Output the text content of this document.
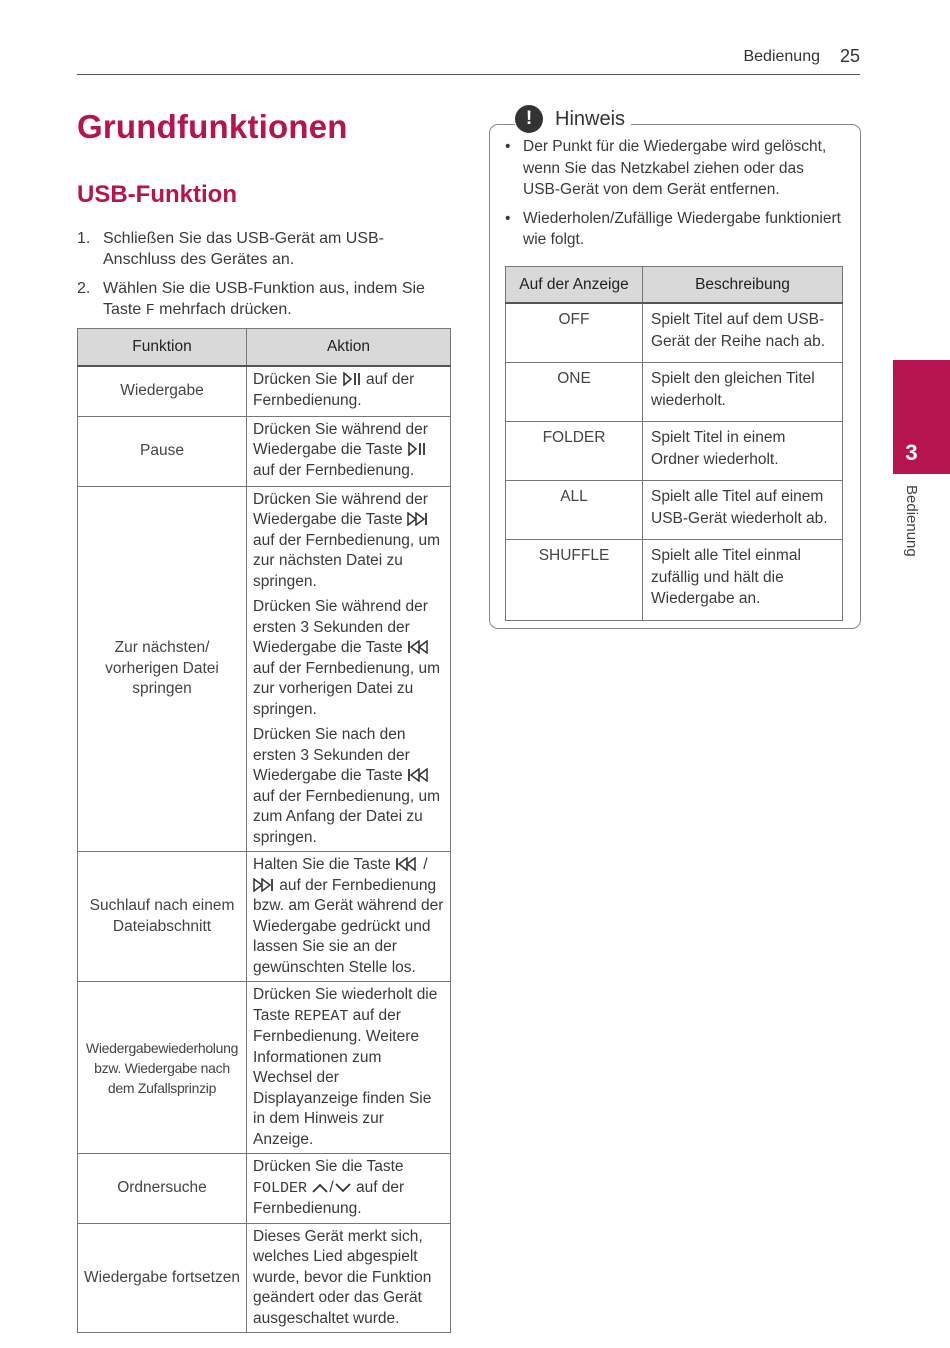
Bedienung 25
Grundfunktionen
USB-Funktion
1. Schließen Sie das USB-Gerät am USB-Anschluss des Gerätes an.
2. Wählen Sie die USB-Funktion aus, indem Sie Taste F mehrfach drücken.
Funktion	Aktion
Wiedergabe	Drücken Sie  auf der Fernbedienung.
Pause	Drücken Sie während der Wiedergabe die Taste  auf der Fernbedienung.
Zur nächsten/ vorherigen Datei springen	Drücken Sie während der Wiedergabe die Taste  auf der Fernbedienung, um zur nächsten Datei zu springen.

Drücken Sie während der ersten 3 Sekunden der Wiedergabe die Taste  auf der Fernbedienung, um zur vorherigen Datei zu springen.

Drücken Sie nach den ersten 3 Sekunden der Wiedergabe die Taste  auf der Fernbedienung, um zum Anfang der Datei zu springen.

Suchlauf nach einem Dateiabschnitt	Halten Sie die Taste  /  auf der Fernbedienung bzw. am Gerät während der Wiedergabe gedrückt und lassen Sie sie an der gewünschten Stelle los.
Wiedergabewiederholung bzw. Wiedergabe nach dem Zufallsprinzip	Drücken Sie wiederholt die Taste REPEAT auf der Fernbedienung. Weitere Informationen zum Wechsel der Displayanzeige finden Sie in dem Hinweis zur Anzeige.
Ordnersuche	Drücken Sie die Taste FOLDER / auf der Fernbedienung.
Wiedergabe fortsetzen	Dieses Gerät merkt sich, welches Lied abgespielt wurde, bevor die Funktion geändert oder das Gerät ausgeschaltet wurde.
!	Hinweis
• Der Punkt für die Wiedergabe wird gelöscht, wenn Sie das Netzkabel ziehen oder das USB-Gerät von dem Gerät entfernen.
• Wiederholen/Zufällige Wiedergabe funktioniert wie folgt.
Auf der Anzeige	Beschreibung
OFF	Spielt Titel auf dem USB-Gerät der Reihe nach ab.
ONE	Spielt den gleichen Titel wiederholt.
FOLDER	Spielt Titel in einem Ordner wiederholt.
ALL	Spielt alle Titel auf einem USB-Gerät wiederholt ab.
SHUFFLE	Spielt alle Titel einmal zufällig und hält die Wiedergabe an.
3
Bedienung
